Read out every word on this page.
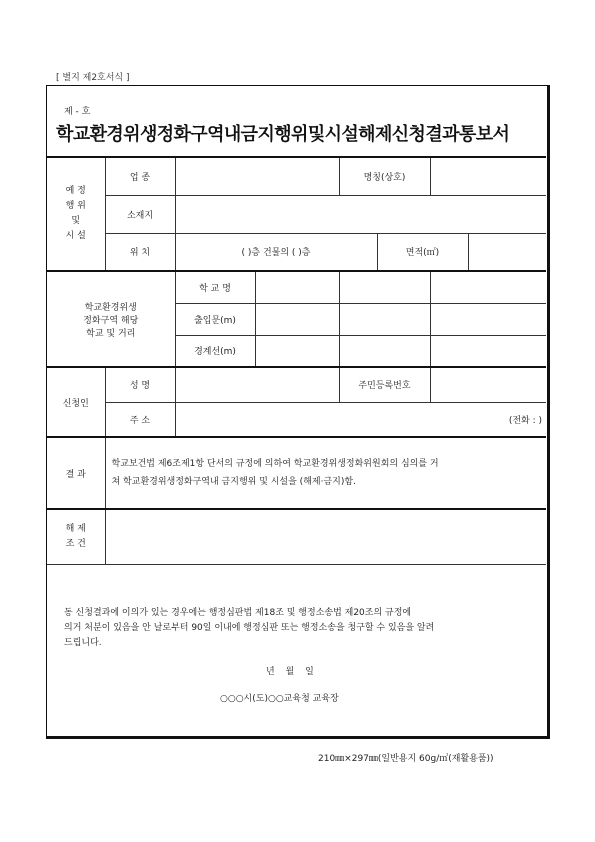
[ 별지 제2호서식 ]
제 - 호
학교환경위생정화구역내금지행위및시설해제신청결과통보서
예 정
행 위
및
시 설	업 종			명칭(상호)			
	소재지						
	위 치	( )층 건물의 ( )층			면적(㎡)		

학교환경위생
정화구역 해당
학교 및 거리		학 교 명					
		출입문(m)					
		경계선(m)					
신청인	성 명			주민등록번호			
	주 소	(전화 : )					
결 과	학교보건법 제6조제1항 단서의 규정에 의하여 학교환경위생정화위원회의 심의를 거
쳐 학교환경위생정화구역내 금지행위 및 시설을 (해제·금지)함.						

해 제
조 건							

동 신청결과에 이의가 있는 경우에는 행정심판법 제18조 및 행정소송법 제20조의 규정에
의거 처분이 있음을 안 날로부터 90일 이내에 행정심판 또는 행정소송을 청구할 수 있음을 알려
드립니다.
년 월 일
○○○시(도)○○교육청 교육장
210㎜×297㎜(일반용지 60g/㎡(재활용품))
